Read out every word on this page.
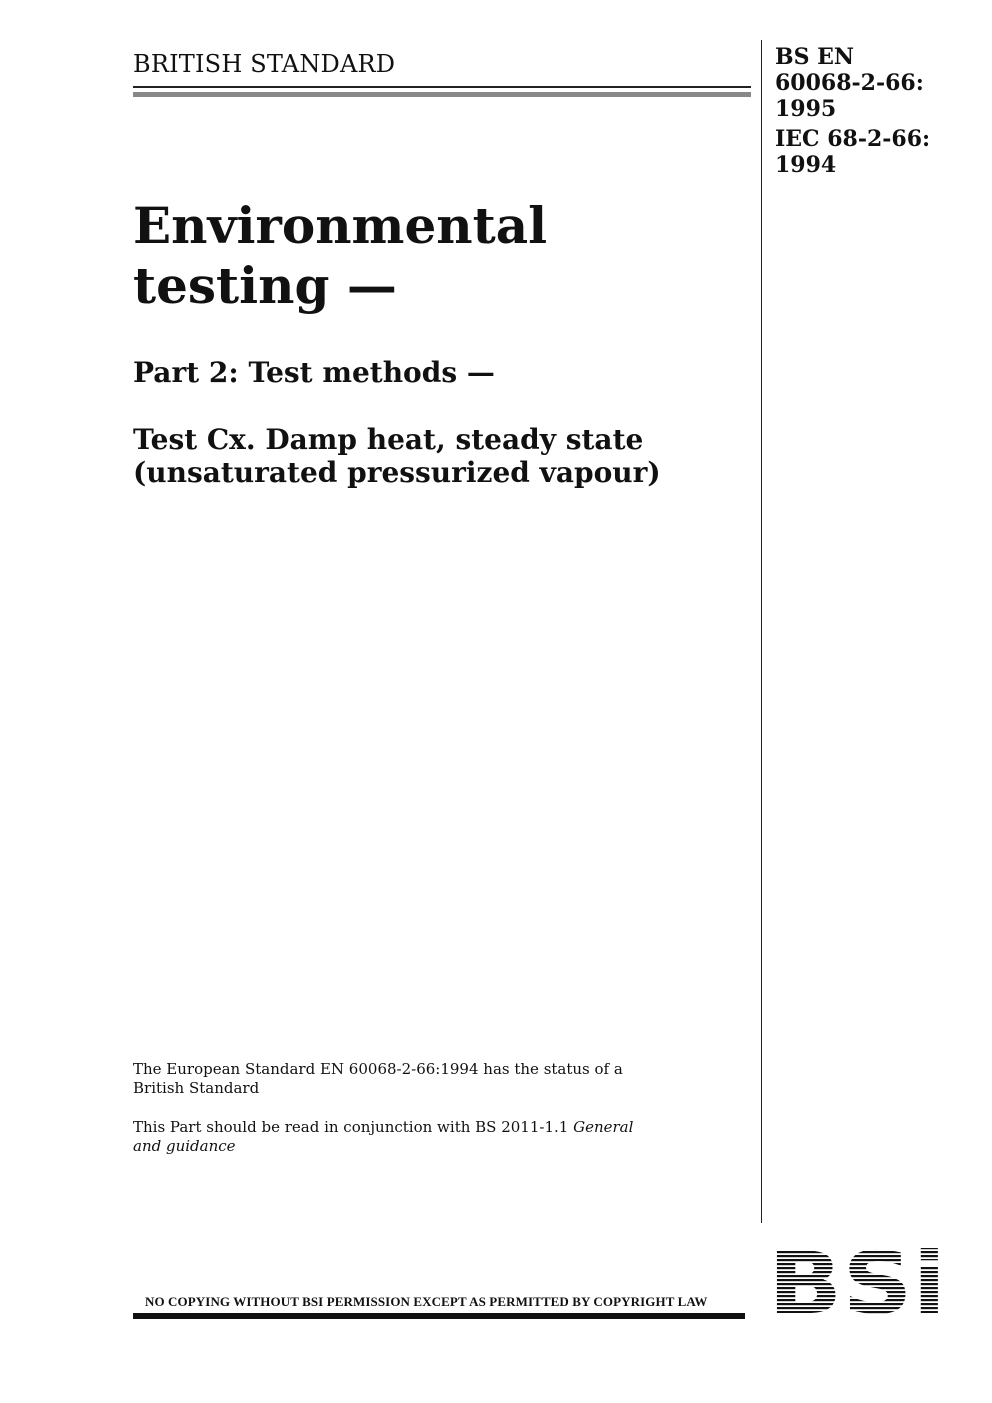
BRITISH STANDARD	BS EN
60068-2-66:
1995
IEC 68-2-66:
1994
Environmental
testing —
Part 2: Test methods —
Test Cx. Damp heat, steady state
(unsaturated pressurized vapour)
The European Standard EN 60068-2-66:1994 has the status of a
British Standard
This Part should be read in conjunction with BS 2011-1.1 General
and guidance
NO COPYING WITHOUT BSI PERMISSION EXCEPT AS PERMITTED BY COPYRIGHT LAW
